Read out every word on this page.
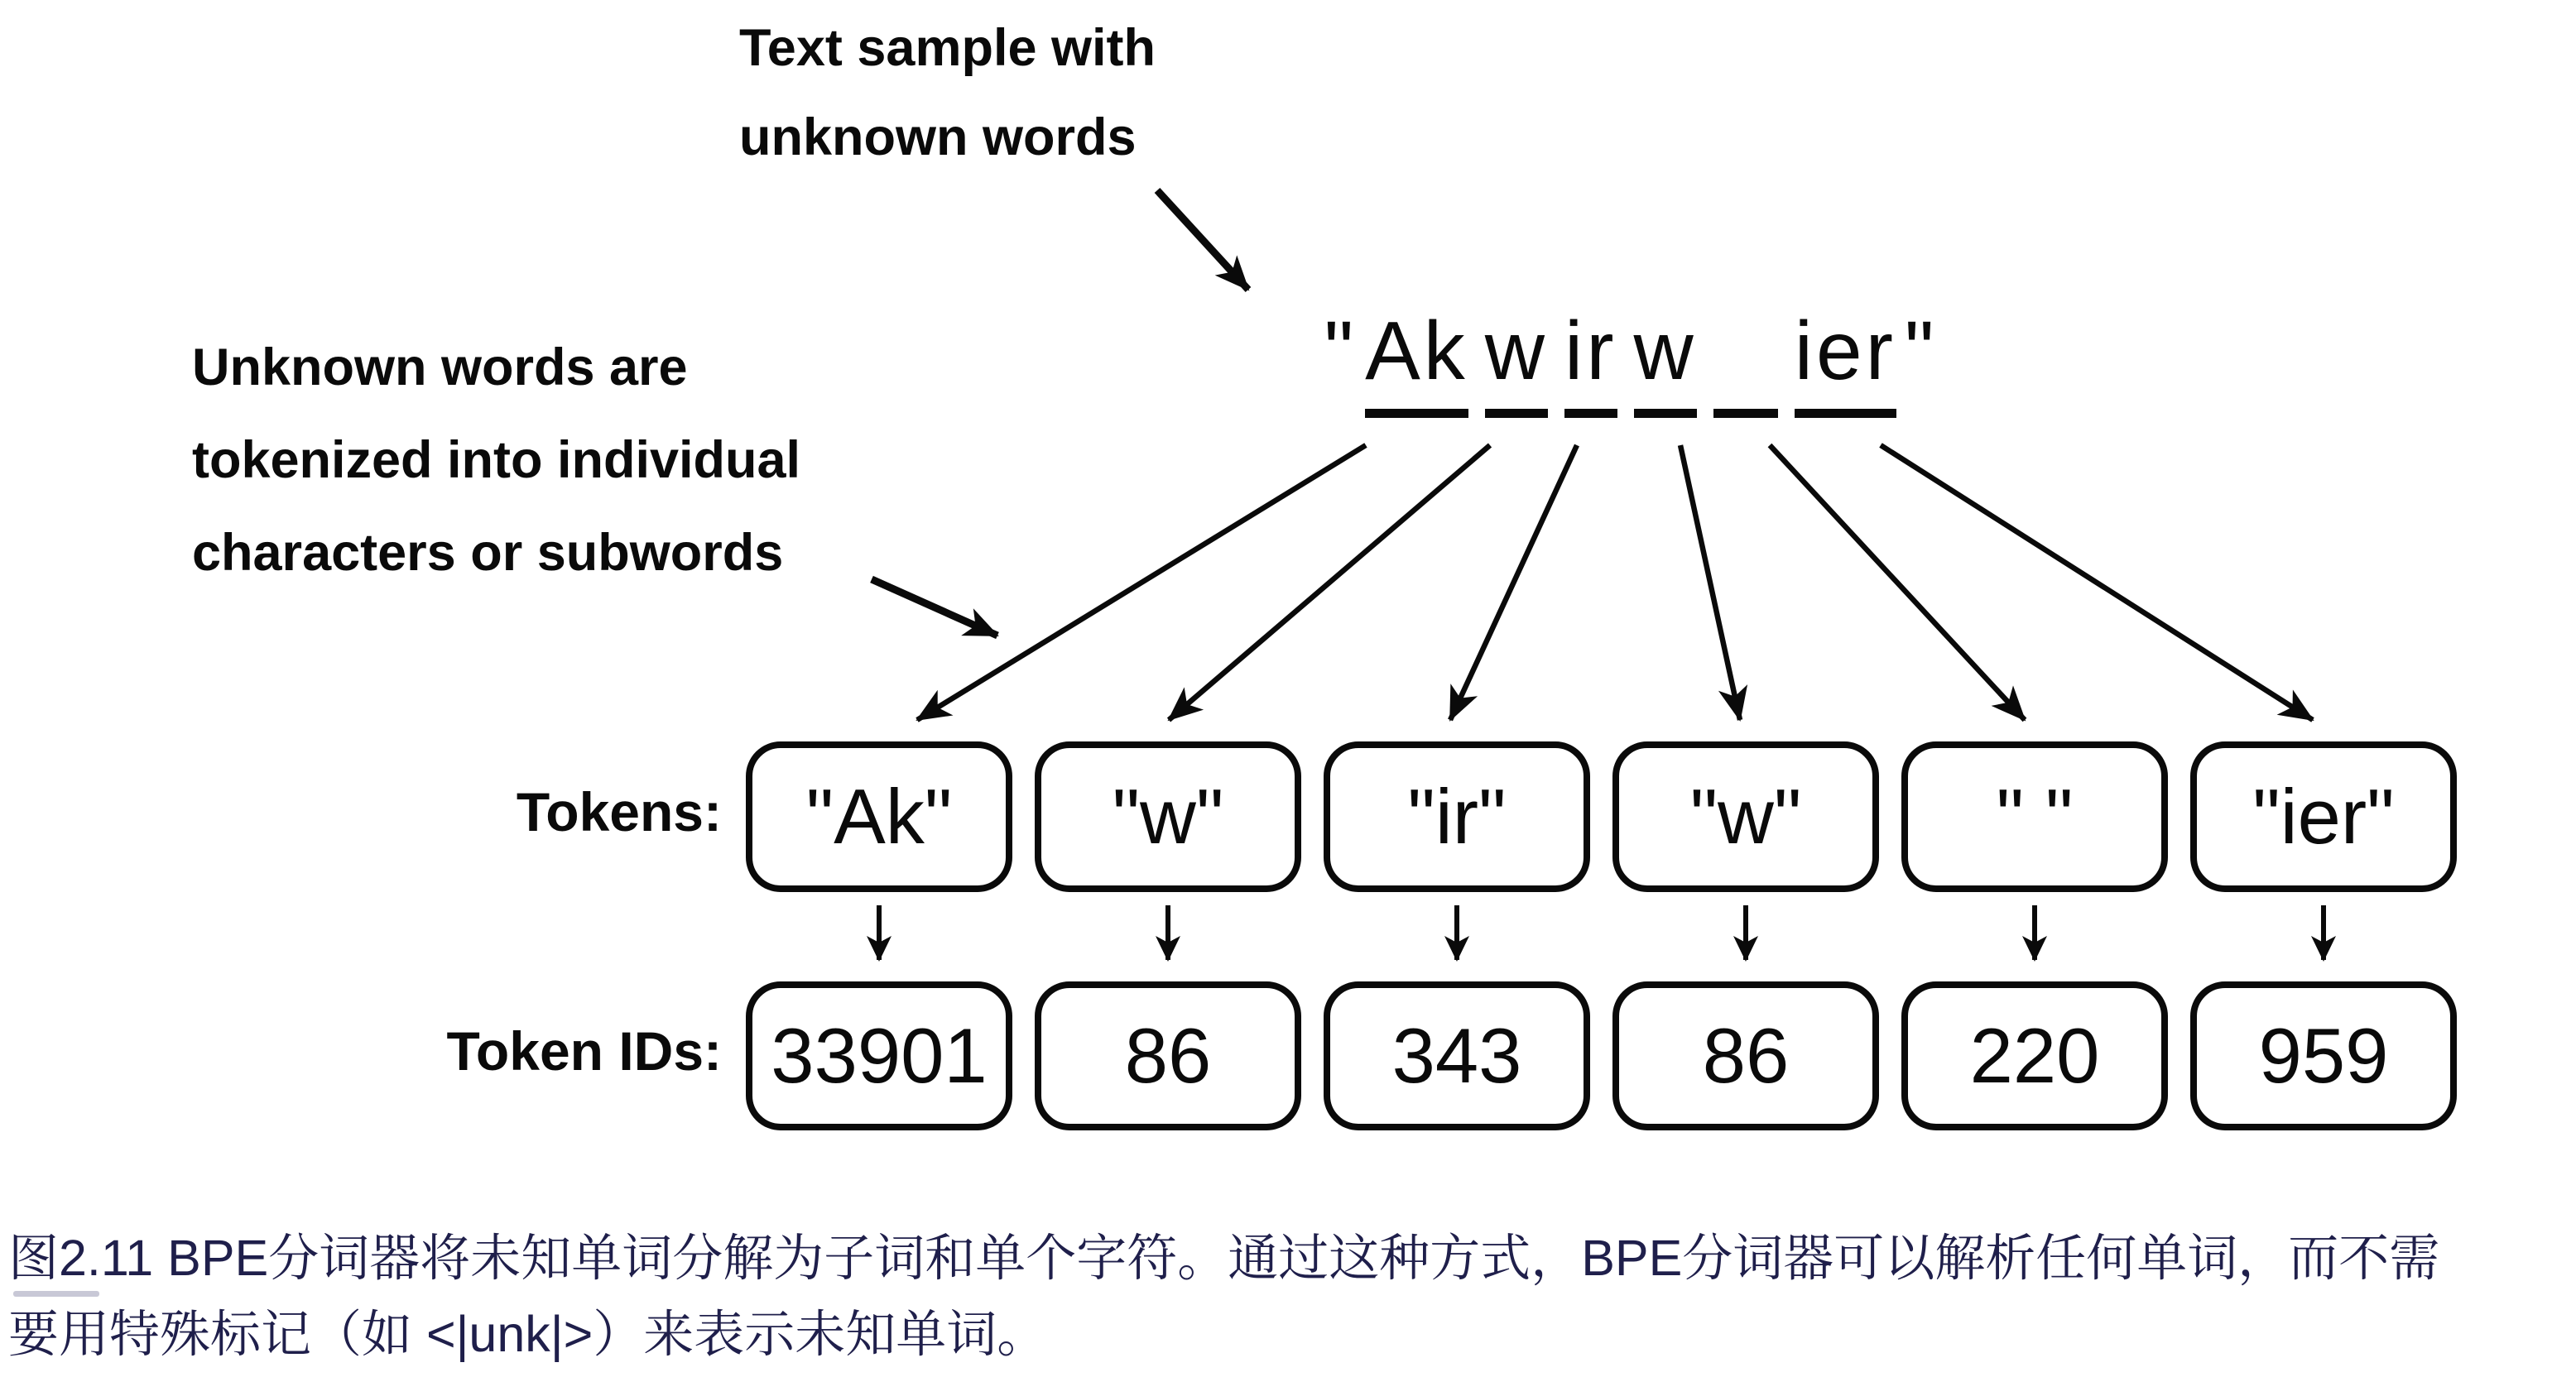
Text sample with
unknown words
Unknown words are
tokenized into individual
characters or subwords
" Ak w ir w ier "
Tokens: "Ak" "w" "ir" "w"	" " "ier"
Token IDs: 33901 86 343 86 220 959
图2.11 BPE分词器将未知单词分解为子词和单个字符。通过这种方式，BPE分词器可以解析任何单词，而不需
要用特殊标记（如 <|unk|>）来表示未知单词。
